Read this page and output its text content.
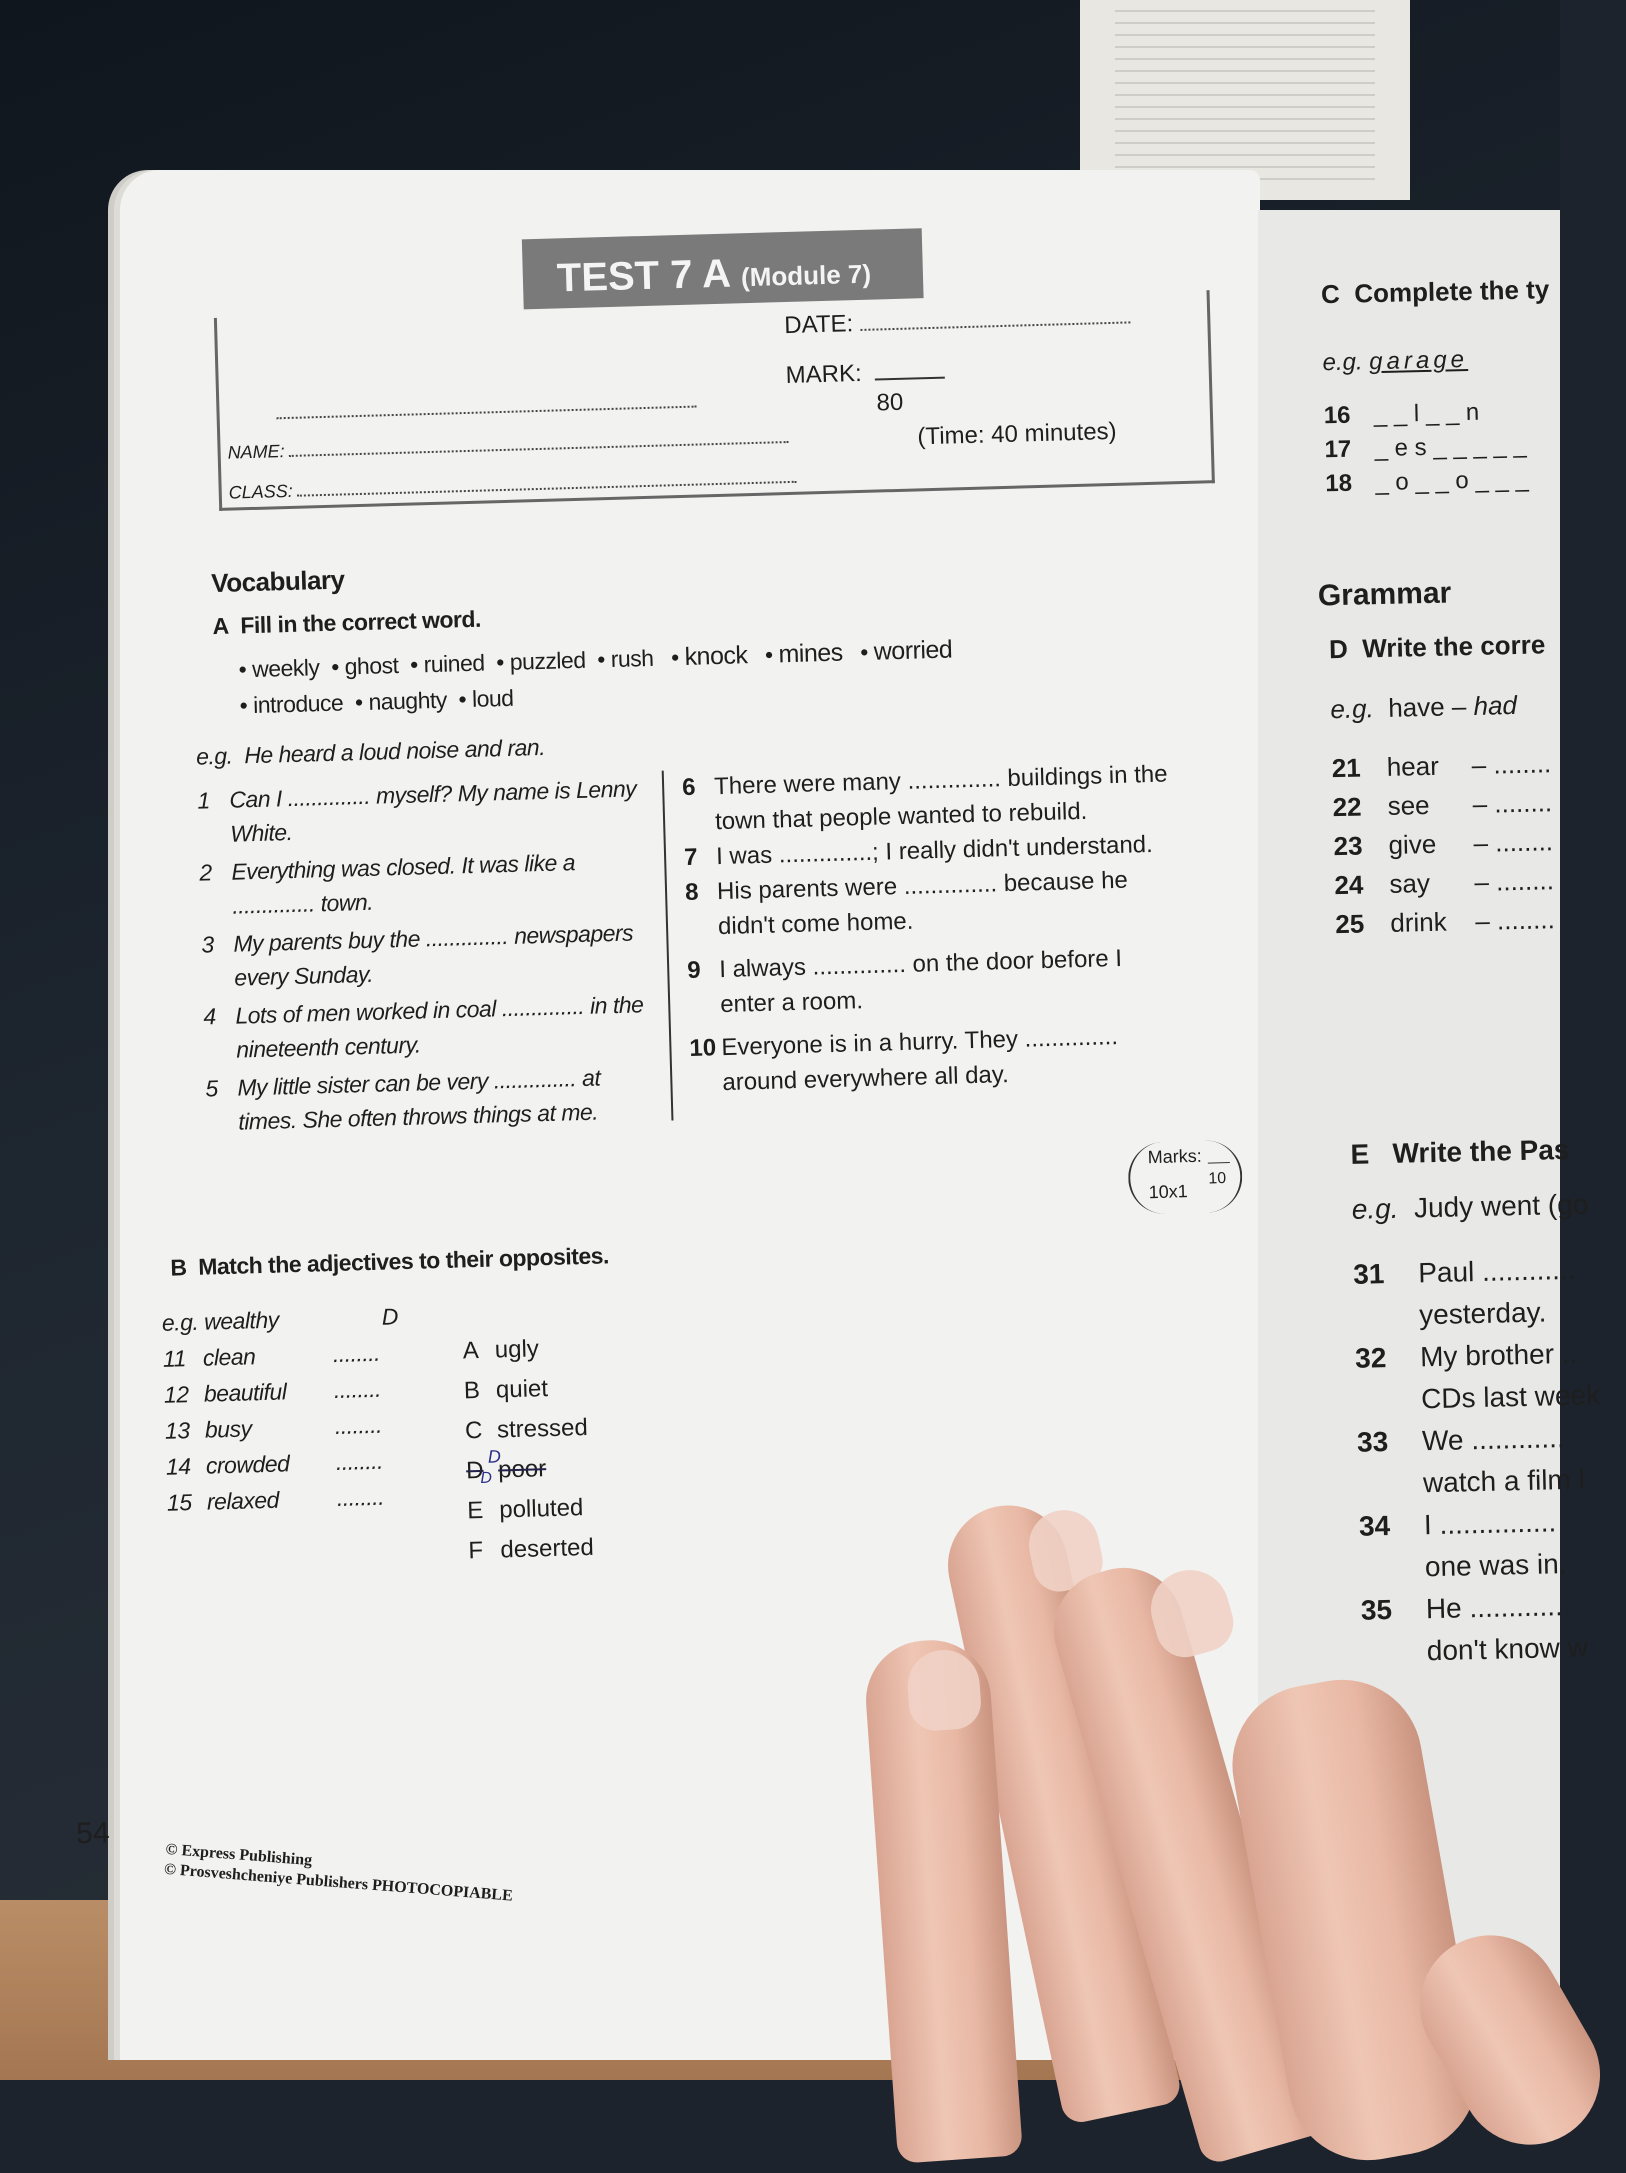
TEST 7 A (Module 7)
DATE:
MARK:
80
NAME:
(Time: 40 minutes)
CLASS:
Vocabulary
A Fill in the correct word.
• weekly  • ghost  • ruined  • puzzled  • rush   • knock   • mines   • worried
• introduce  • naughty  • loud
e.g. He heard a loud noise and ran.
1 Can I .............. myself? My name is Lenny
White.
2 Everything was closed. It was like a
.............. town.
3 My parents buy the .............. newspapers
every Sunday.
4 Lots of men worked in coal .............. in the
nineteenth century.
5 My little sister can be very .............. at
times. She often throws things at me.
6 There were many .............. buildings in the
town that people wanted to rebuild.
7 I was ..............; I really didn't understand.
8 His parents were .............. because he
didn't come home.
9 I always .............. on the door before I
enter a room.
10 Everyone is in a hurry. They ..............
around everywhere all day.
Marks:
10x1
10
B Match the adjectives to their opposites.
e.g. wealthy	D
11 clean	........
12 beautiful ........
13 busy	........
14 crowded ........
15 relaxed ........
A ugly
B quiet
C stressed
D poor
D
D
E polluted
F deserted
54
© Express Publishing
© Prosveshcheniye Publishers PHOTOCOPIABLE
C Complete the ty
e.g. garage
16 _ _ l _ _ n
17 _ e s _ _ _ _ _
18 _ o _ _ o _ _ _
Grammar
D Write the corre
e.g. have – had
21 hear – ........
22 see – ........
23 give – ........
24 say – ........
25 drink – ........
E Write the Pas
e.g. Judy went (go
31 Paul ............
yesterday.
32 My brother ..
CDs last week
33 We ............
watch a film l
34 I ...............
one was in.
35 He ............
don't know w
